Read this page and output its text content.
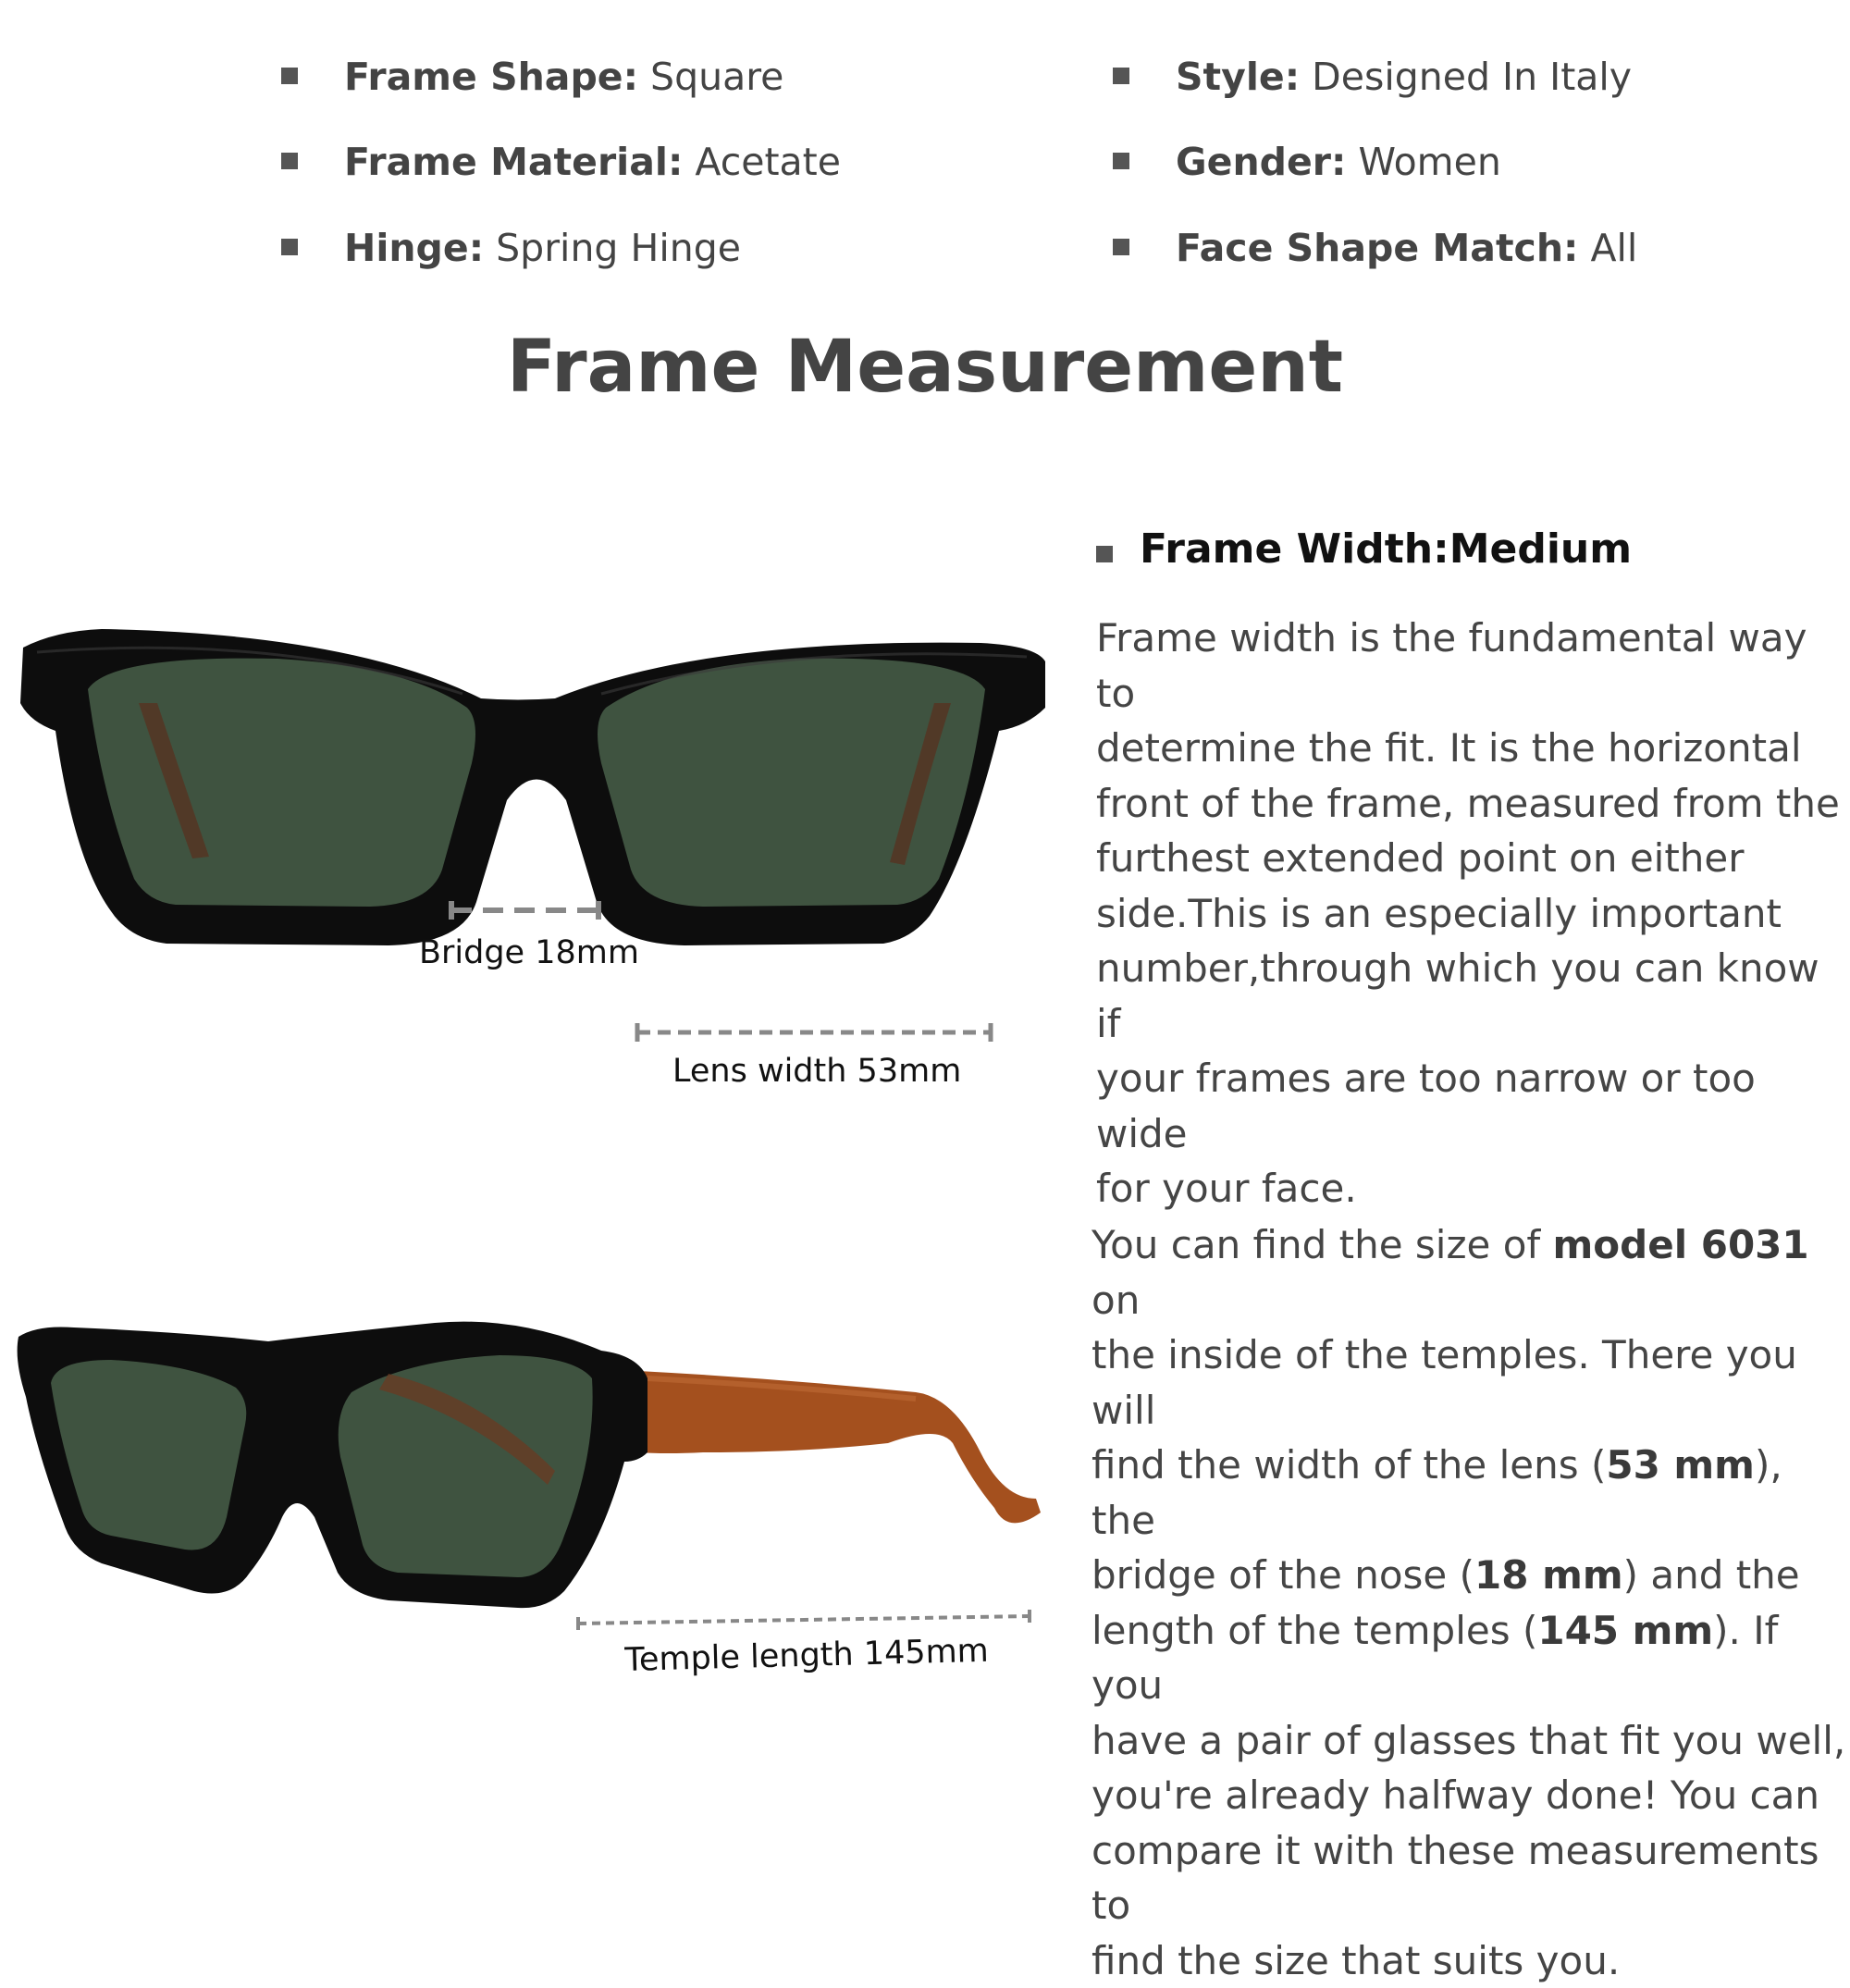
Frame Shape: Square
Frame Material: Acetate
Hinge: Spring Hinge
Style: Designed In Italy
Gender: Women
Face Shape Match: All
Frame Measurement
Bridge 18mm
Lens width 53mm
Frame Width:Medium
Frame width is the fundamental way to
determine the fit. It is the horizontal
front of the frame, measured from the
furthest extended point on either
side.This is an especially important
number,through which you can know if
your frames are too narrow or too wide
for your face.
Temple length 145mm
You can find the size of model 6031 on
the inside of the temples. There you will
find the width of the lens (53 mm), the
bridge of the nose (18 mm) and the
length of the temples (145 mm). If you
have a pair of glasses that fit you well,
you're already halfway done! You can
compare it with these measurements to
find the size that suits you.
